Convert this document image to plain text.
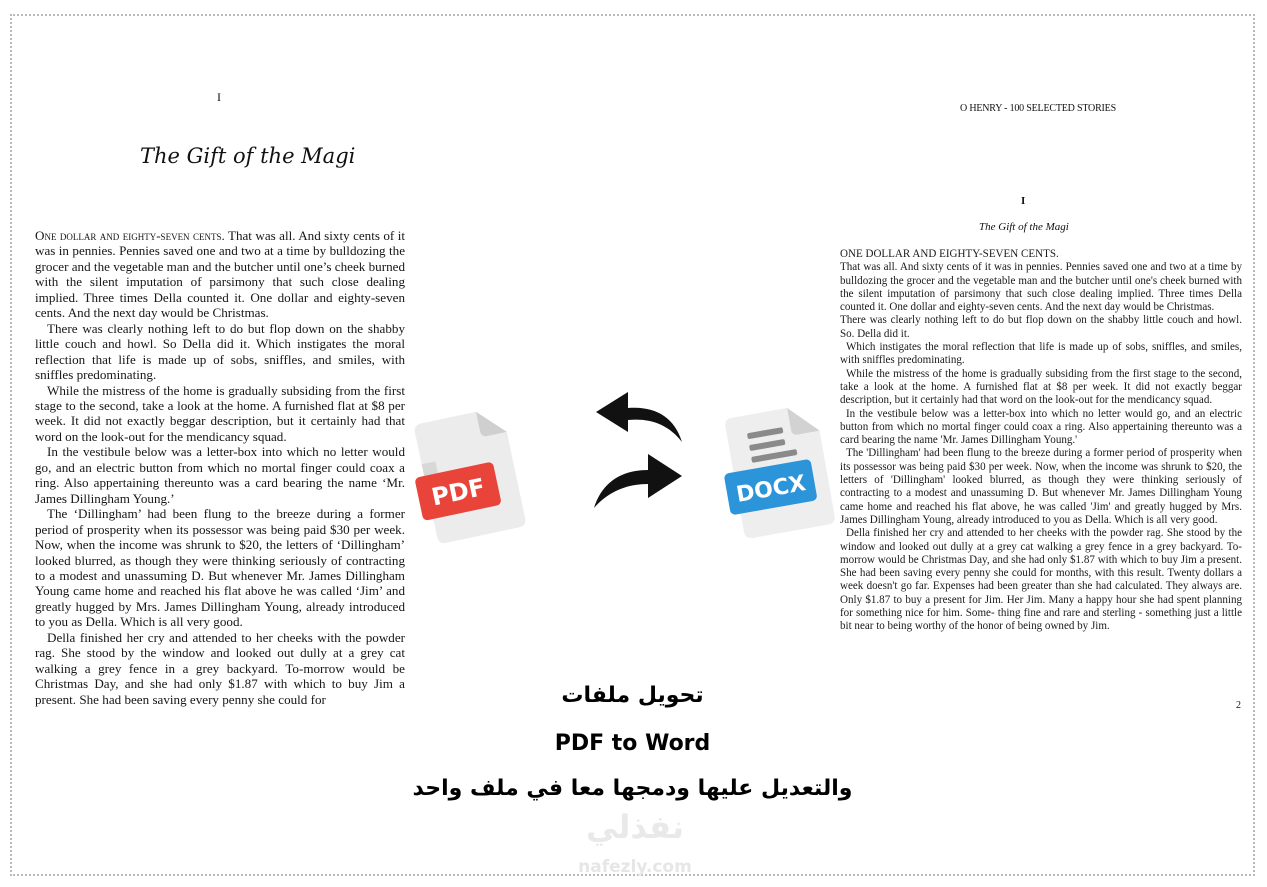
I
The Gift of the Magi

One dollar and eighty-seven cents. That was all. And sixty cents of it was in pennies. Pennies saved one and two at a time by bulldozing the grocer and the vegetable man and the butcher until one’s cheek burned with the silent imputation of parsimony that such close dealing implied. Three times Della counted it. One dollar and eighty-seven cents. And the next day would be Christmas.

There was clearly nothing left to do but flop down on the shabby little couch and howl. So Della did it. Which instigates the moral reflection that life is made up of sobs, sniffles, and smiles, with sniffles predominating.

While the mistress of the home is gradually subsiding from the first stage to the second, take a look at the home. A furnished flat at $8 per week. It did not exactly beggar description, but it certainly had that word on the look-out for the mendicancy squad.

In the vestibule below was a letter-box into which no letter would go, and an electric button from which no mortal finger could coax a ring. Also appertaining thereunto was a card bearing the name ‘Mr. James Dillingham Young.’

The ‘Dillingham’ had been flung to the breeze during a former period of prosperity when its possessor was being paid $30 per week. Now, when the income was shrunk to $20, the letters of ‘Dillingham’ looked blurred, as though they were thinking seriously of contracting to a modest and unassuming D. But whenever Mr. James Dillingham Young came home and reached his flat above he was called ‘Jim’ and greatly hugged by Mrs. James Dillingham Young, already introduced to you as Della. Which is all very good.

Della finished her cry and attended to her cheeks with the powder rag. She stood by the window and looked out dully at a grey cat walking a grey fence in a grey backyard. To-morrow would be Christmas Day, and she had only $1.87 with which to buy Jim a present. She had been saving every penny she could for

O HENRY - 100 SELECTED STORIES
I
The Gift of the Magi

ONE DOLLAR AND EIGHTY-SEVEN CENTS.

That was all. And sixty cents of it was in pennies. Pennies saved one and two at a time by bulldozing the grocer and the vegetable man and the butcher until one's cheek burned with the silent imputation of parsimony that such close dealing implied. Three times Della counted it. One dollar and eighty-seven cents. And the next day would be Christmas.

There was clearly nothing left to do but flop down on the shabby little couch and howl. So. Della did it.

Which instigates the moral reflection that life is made up of sobs, sniffles, and smiles, with sniffles predominating.

While the mistress of the home is gradually subsiding from the first stage to the second, take a look at the home. A furnished flat at $8 per week. It did not exactly beggar description, but it certainly had that word on the look-out for the mendicancy squad.

In the vestibule below was a letter-box into which no letter would go, and an electric button from which no mortal finger could coax a ring. Also appertaining thereunto was a card bearing the name 'Mr. James Dillingham Young.'

The 'Dillingham' had been flung to the breeze during a former period of prosperity when its possessor was being paid $30 per week. Now, when the income was shrunk to $20, the letters of 'Dillingham' looked blurred, as though they were thinking seriously of contracting to a modest and unassuming D. But whenever Mr. James Dillingham Young came home and reached his flat above, he was called 'Jim' and greatly hugged by Mrs. James Dillingham Young, already introduced to you as Della. Which is all very good.

Della finished her cry and attended to her cheeks with the powder rag. She stood by the window and looked out dully at a grey cat walking a grey fence in a grey backyard. To-morrow would be Christmas Day, and she had only $1.87 with which to buy Jim a present. She had been saving every penny she could for months, with this result. Twenty dollars a week doesn't go far. Expenses had been greater than she had calculated. They always are. Only $1.87 to buy a present for Jim. Her Jim. Many a happy hour she had spent planning for something nice for him. Some- thing fine and rare and sterling - something just a little bit near to being worthy of the honor of being owned by Jim.

2
PDF	DOCX
تحويل ملفات
PDF to Word
والتعديل عليها ودمجها معا في ملف واحد
نفذلي
nafezly.com
